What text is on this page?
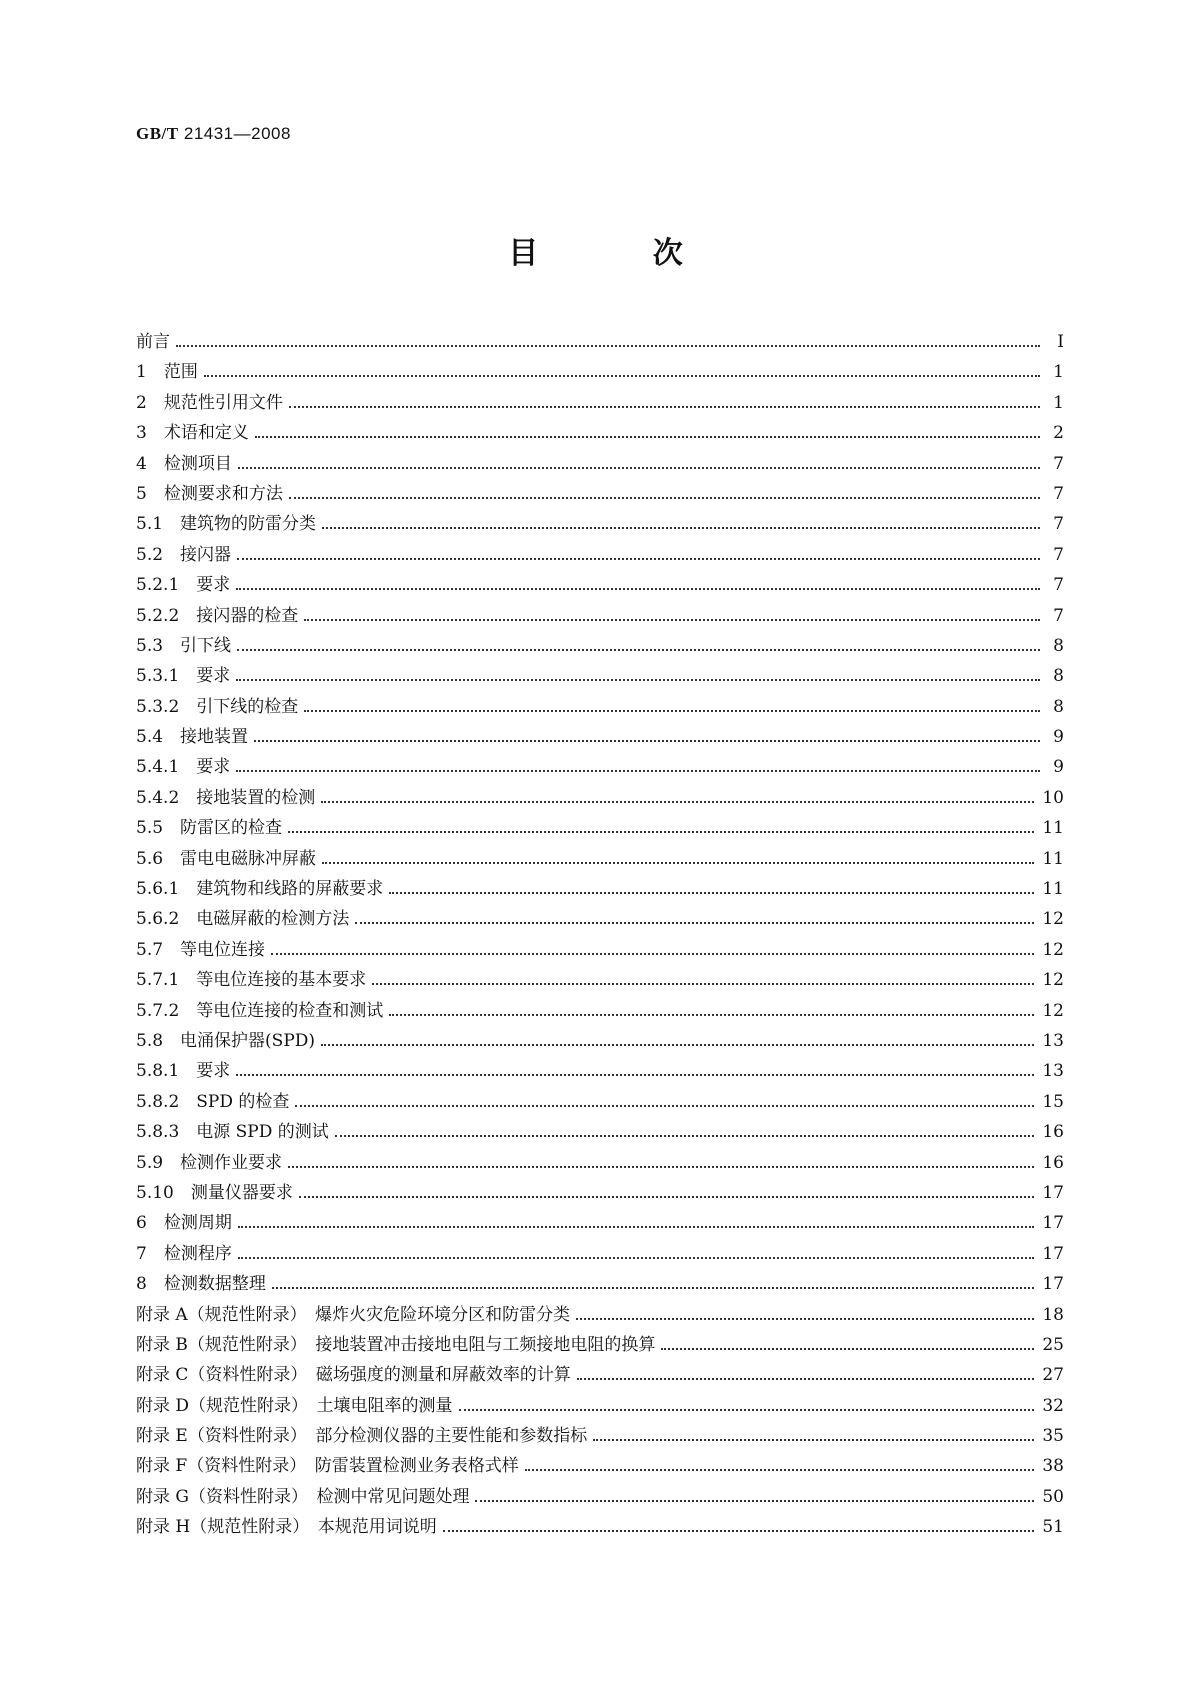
GB/T 21431—2008
目 次
前言	I
1　范围	1
2　规范性引用文件	1
3　术语和定义	2
4　检测项目	7
5　检测要求和方法	7
5.1　建筑物的防雷分类	7
5.2　接闪器	7
5.2.1　要求	7
5.2.2　接闪器的检查	7
5.3　引下线	8
5.3.1　要求	8
5.3.2　引下线的检查	8
5.4　接地装置	9
5.4.1　要求	9
5.4.2　接地装置的检测	10
5.5　防雷区的检查	11
5.6　雷电电磁脉冲屏蔽	11
5.6.1　建筑物和线路的屏蔽要求	11
5.6.2　电磁屏蔽的检测方法	12
5.7　等电位连接	12
5.7.1　等电位连接的基本要求	12
5.7.2　等电位连接的检查和测试	12
5.8　电涌保护器(SPD)	13
5.8.1　要求	13
5.8.2　SPD 的检查	15
5.8.3　电源 SPD 的测试	16
5.9　检测作业要求	16
5.10　测量仪器要求	17
6　检测周期	17
7　检测程序	17
8　检测数据整理	17
附录 A（规范性附录）　爆炸火灾危险环境分区和防雷分类	18
附录 B（规范性附录）　接地装置冲击接地电阻与工频接地电阻的换算	25
附录 C（资料性附录）　磁场强度的测量和屏蔽效率的计算	27
附录 D（规范性附录）　土壤电阻率的测量	32
附录 E（资料性附录）　部分检测仪器的主要性能和参数指标	35
附录 F（资料性附录）　防雷装置检测业务表格式样	38
附录 G（资料性附录）　检测中常见问题处理	50
附录 H（规范性附录）　本规范用词说明	51
